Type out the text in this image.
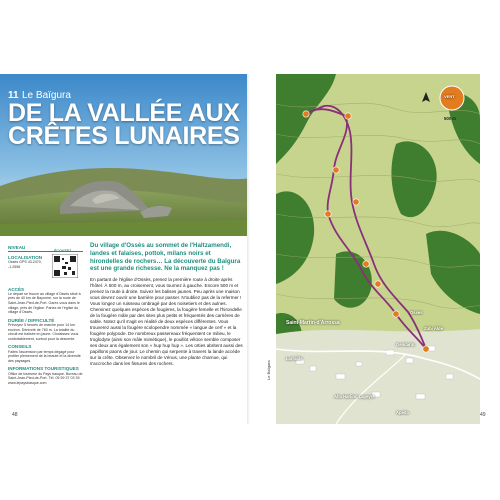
11 Le Baïgura
DE LA VALLÉE AUX CRÊTES LUNAIRES
NIVEAU
LOCALISATION
Ossès GPS 43.2470, -1.2596
ÉCOUTEZ
ACCÈS
Le départ se trouve au village d'Ossès situé à près de 40 km de Bayonne, sur la route de Saint-Jean-Pied-de-Port. Garez-vous dans le village, près de l'église. Partez de l'église du village d'Ossès.
DURÉE / DIFFICULTÉ
Prévoyez 5 heures de marche pour 14 km environ. Dénivelé de 760 m. La totalité du circuit est balisée en jaune. Choisissez vous confortablement, surtout pour la descente.
CONSEILS
Faites l'ascension par temps dégagé pour profiter pleinement de la beauté et la diversité des paysages.
INFORMATIONS TOURISTIQUES
Office de tourisme du Pays basque. Bureau de Saint-Jean-Pied-de-Port. Tél. 05 59 37 03 39. www.lepaysbasque.com

Du village d'Ossès au sommet de l'Haltzamendi, landes et falaises, pottok, milans noirs et hirondelles de rochers… La découverte du Baïgura est une grande richesse. Ne la manquez pas !

En partant de l'église d'Ossès, prenez la première route à droite après l'hôtel. À 500 m, au croisement, vous tournez à gauche. Encore 500 m et prenez la route à droite. Suivez les balises jaunes. Peu après une maison vous devrez ouvrir une barrière pour passer. N'oubliez pas de la refermer ! Vous longez un ruisseau ombragé par des noisetiers et des aulnes. Cheminez quelques espèces de fougères, la fougère femelle et l'hirondelle de la fougère mâle par des sites plus petits et fréquentés des carrières de sable. Notez qu'il s'agit en réalité de deux espèces différentes. Vous trouverez aussi la fougère scolopendre nommée « langue de cerf » et la fougère polypode. De nombreux passereaux fréquentent ce milieu, le troglodyte (ainsi son mâle mimétique), le pouillot véloce semble composer ses deux ans également son « hup hup hup ». Les orties abritent aussi des papillons paons de jour. Le chemin qui serpente à travers la lande accède sur la crête. Observez le nombril de Vénus, une plante charnue, qui s'accroche dans les fissures des rochers.

Ossès
Saint-Martin-d'Arrossa
Zubi Alde
Gendarm.
Apeito
Larralde
Alta Harlino Lapeyre
VERT
500 m
Le Baïgura
48	49
